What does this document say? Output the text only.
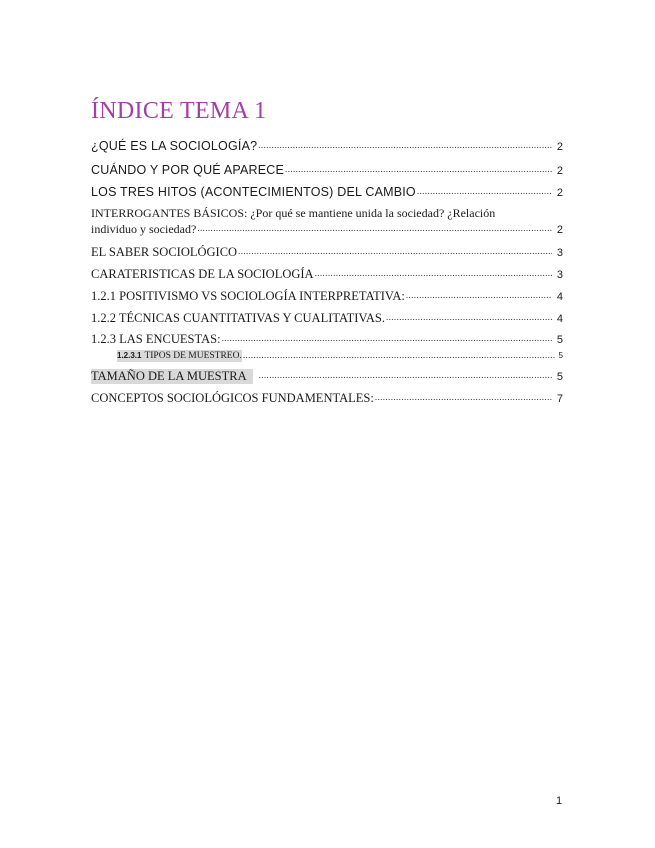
ÍNDICE TEMA 1
¿QUÉ ES LA SOCIOLOGÍA? .....	2
CUÁNDO Y POR QUÉ APARECE .....	2
LOS TRES HITOS (ACONTECIMIENTOS) DEL CAMBIO .....	2
INTERROGANTES BÁSICOS: ¿Por qué se mantiene unida la sociedad? ¿Relación
individuo y sociedad? .....	2
EL SABER SOCIOLÓGICO .....	3
CARATERISTICAS DE LA SOCIOLOGÍA .....	3
1.2.1 POSITIVISMO VS SOCIOLOGÍA INTERPRETATIVA: .....	4
1.2.2 TÉCNICAS CUANTITATIVAS Y CUALITATIVAS. .....	4
1.2.3 LAS ENCUESTAS: .....	5
1.2.3.1 TIPOS DE MUESTREO. .....	5
TAMAÑO DE LA MUESTRA .....	5
CONCEPTOS SOCIOLÓGICOS FUNDAMENTALES: .....	7
1
